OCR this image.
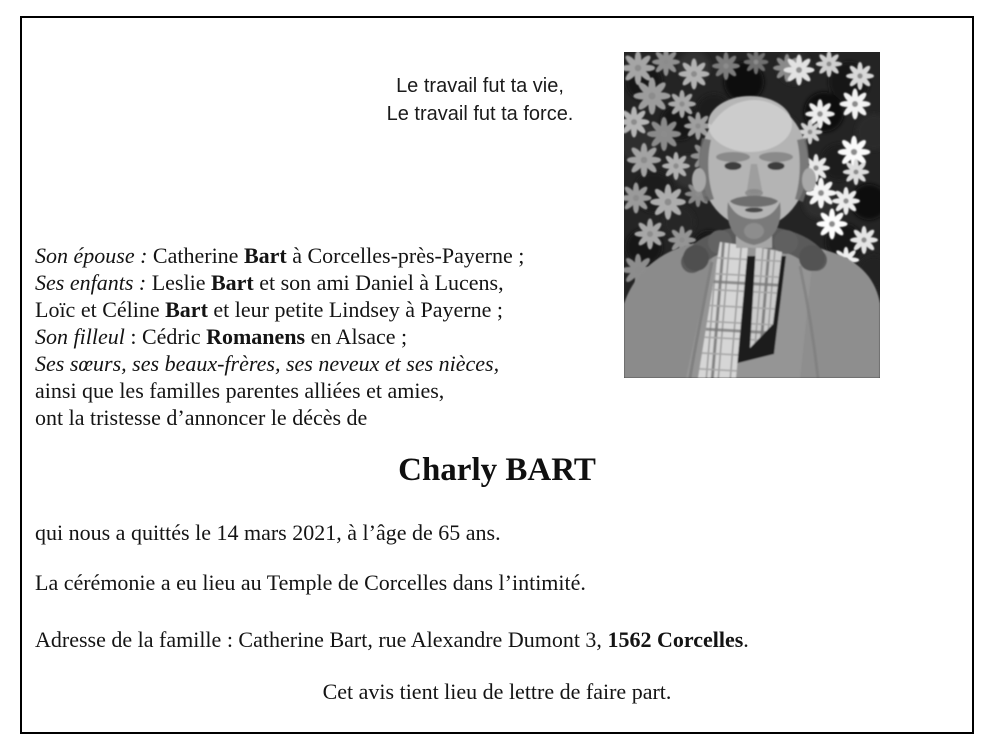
Le travail fut ta vie,
Le travail fut ta force.
Son épouse : Catherine Bart à Corcelles-près-Payerne ;
Ses enfants : Leslie Bart et son ami Daniel à Lucens,
Loïc et Céline Bart et leur petite Lindsey à Payerne ;
Son filleul : Cédric Romanens en Alsace ;
Ses sœurs, ses beaux-frères, ses neveux et ses nièces,
ainsi que les familles parentes alliées et amies,
ont la tristesse d’annoncer le décès de
Charly BART

qui nous a quittés le 14 mars 2021, à l’âge de 65 ans.

La cérémonie a eu lieu au Temple de Corcelles dans l’intimité.

Adresse de la famille : Catherine Bart, rue Alexandre Dumont 3, 1562 Corcelles.

Cet avis tient lieu de lettre de faire part.
